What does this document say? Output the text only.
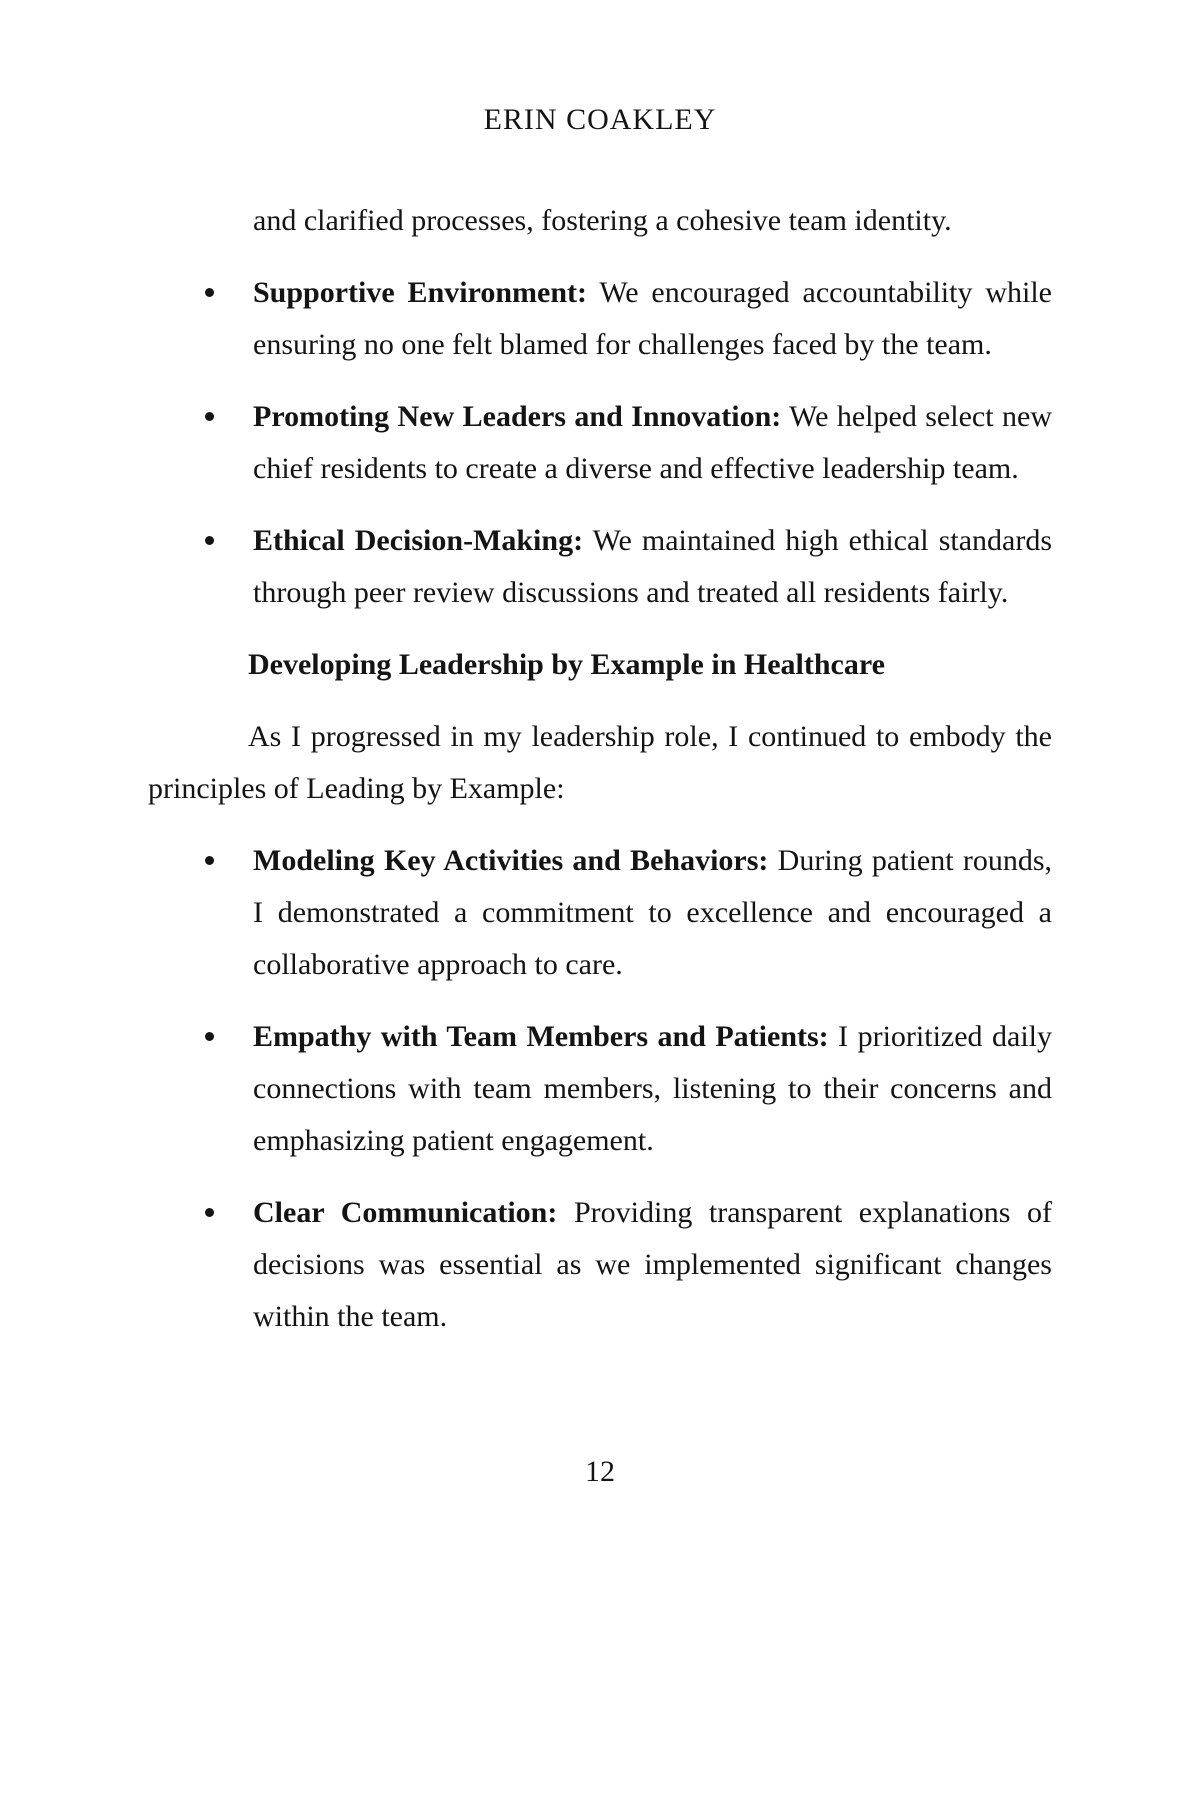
ERIN COAKLEY

and clarified processes, fostering a cohesive team identity.

Supportive Environment: We encouraged accountability while ensuring no one felt blamed for challenges faced by the team.
Promoting New Leaders and Innovation: We helped select new chief residents to create a diverse and effective leadership team.
Ethical Decision-Making: We maintained high ethical standards through peer review discussions and treated all residents fairly.
Developing Leadership by Example in Healthcare

As I progressed in my leadership role, I continued to embody the principles of Leading by Example:

Modeling Key Activities and Behaviors: During patient rounds, I demonstrated a commitment to excellence and encouraged a collaborative approach to care.
Empathy with Team Members and Patients: I prioritized daily connections with team members, listening to their concerns and emphasizing patient engagement.
Clear Communication: Providing transparent explanations of decisions was essential as we implemented significant changes within the team.
12
